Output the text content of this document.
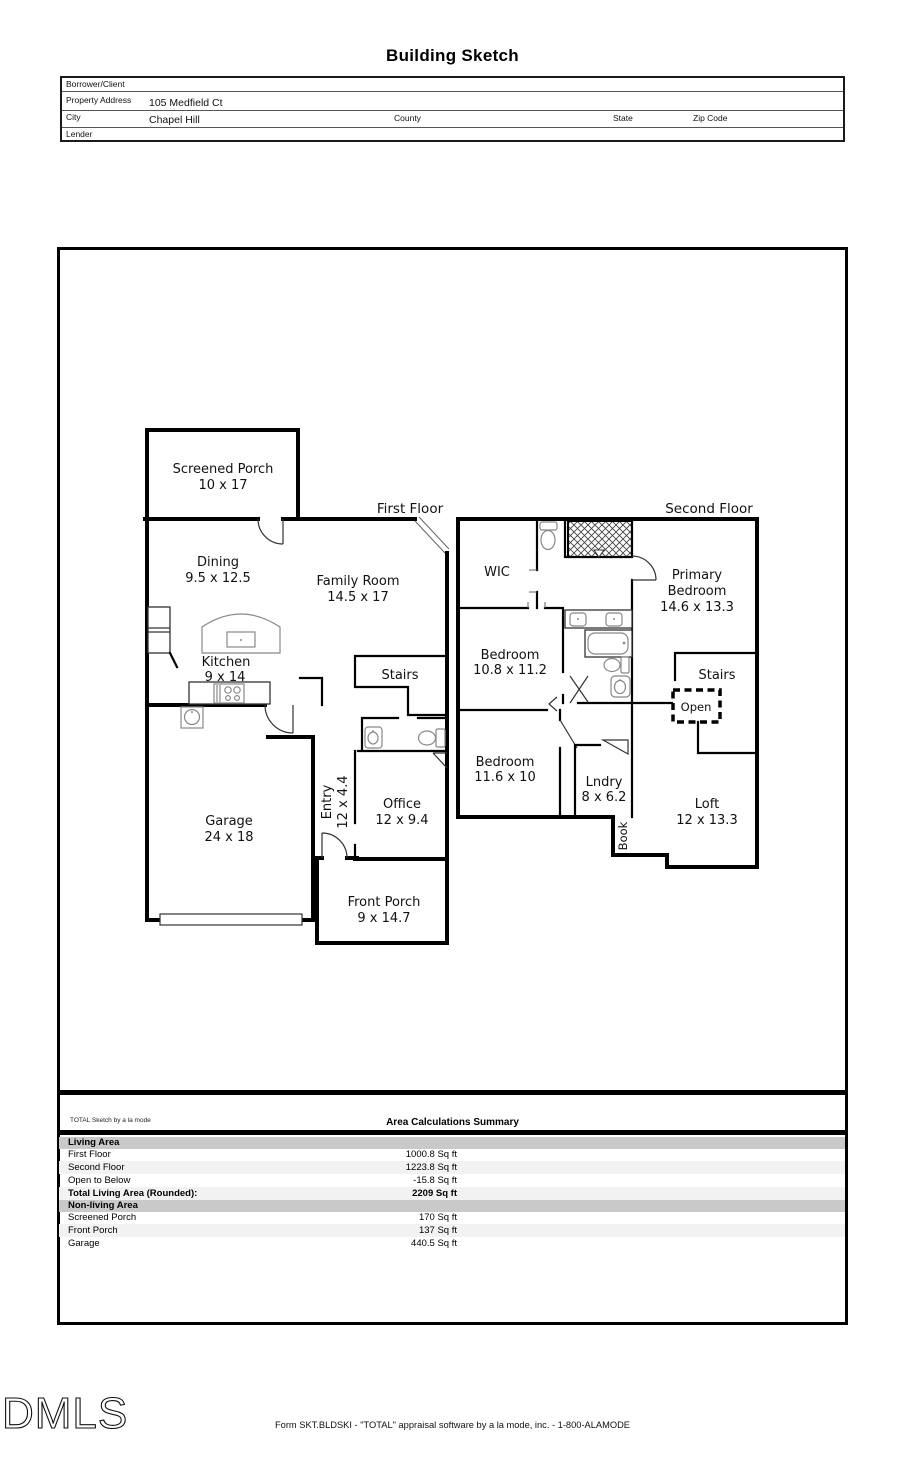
Building Sketch
Borrower/Client
Property Address 105 Medfield Ct
City	Chapel Hill	County	State	Zip Code
Lender
First Floor
Screened Porch
10 x 17
Dining
9.5 x 12.5	Family Room
14.5 x 17
Kitchen
9 x 14	Stairs
Entry 12 x 4.4 Office
12 x 9.4
Garage
24 x 18
Front Porch
9 x 14.7
Second Floor
WIC	Primary
Bedroom
14.6 x 13.3
Bedroom
10.8 x 11.2	Stairs
Open
Bedroom
11.6 x 10	Lndry
8 x 6.2	Loft
12 x 13.3
Book
TOTAL Sketch by a la mode	Area Calculations Summary
Living Area
First Floor	1000.8 Sq ft
Second Floor	1223.8 Sq ft
Open to Below	-15.8 Sq ft
Total Living Area (Rounded):	2209 Sq ft
Non-living Area
Screened Porch	170 Sq ft
Front Porch	137 Sq ft
Garage	440.5 Sq ft
DMLS	Form SKT.BLDSKI - "TOTAL" appraisal software by a la mode, inc. - 1-800-ALAMODE
